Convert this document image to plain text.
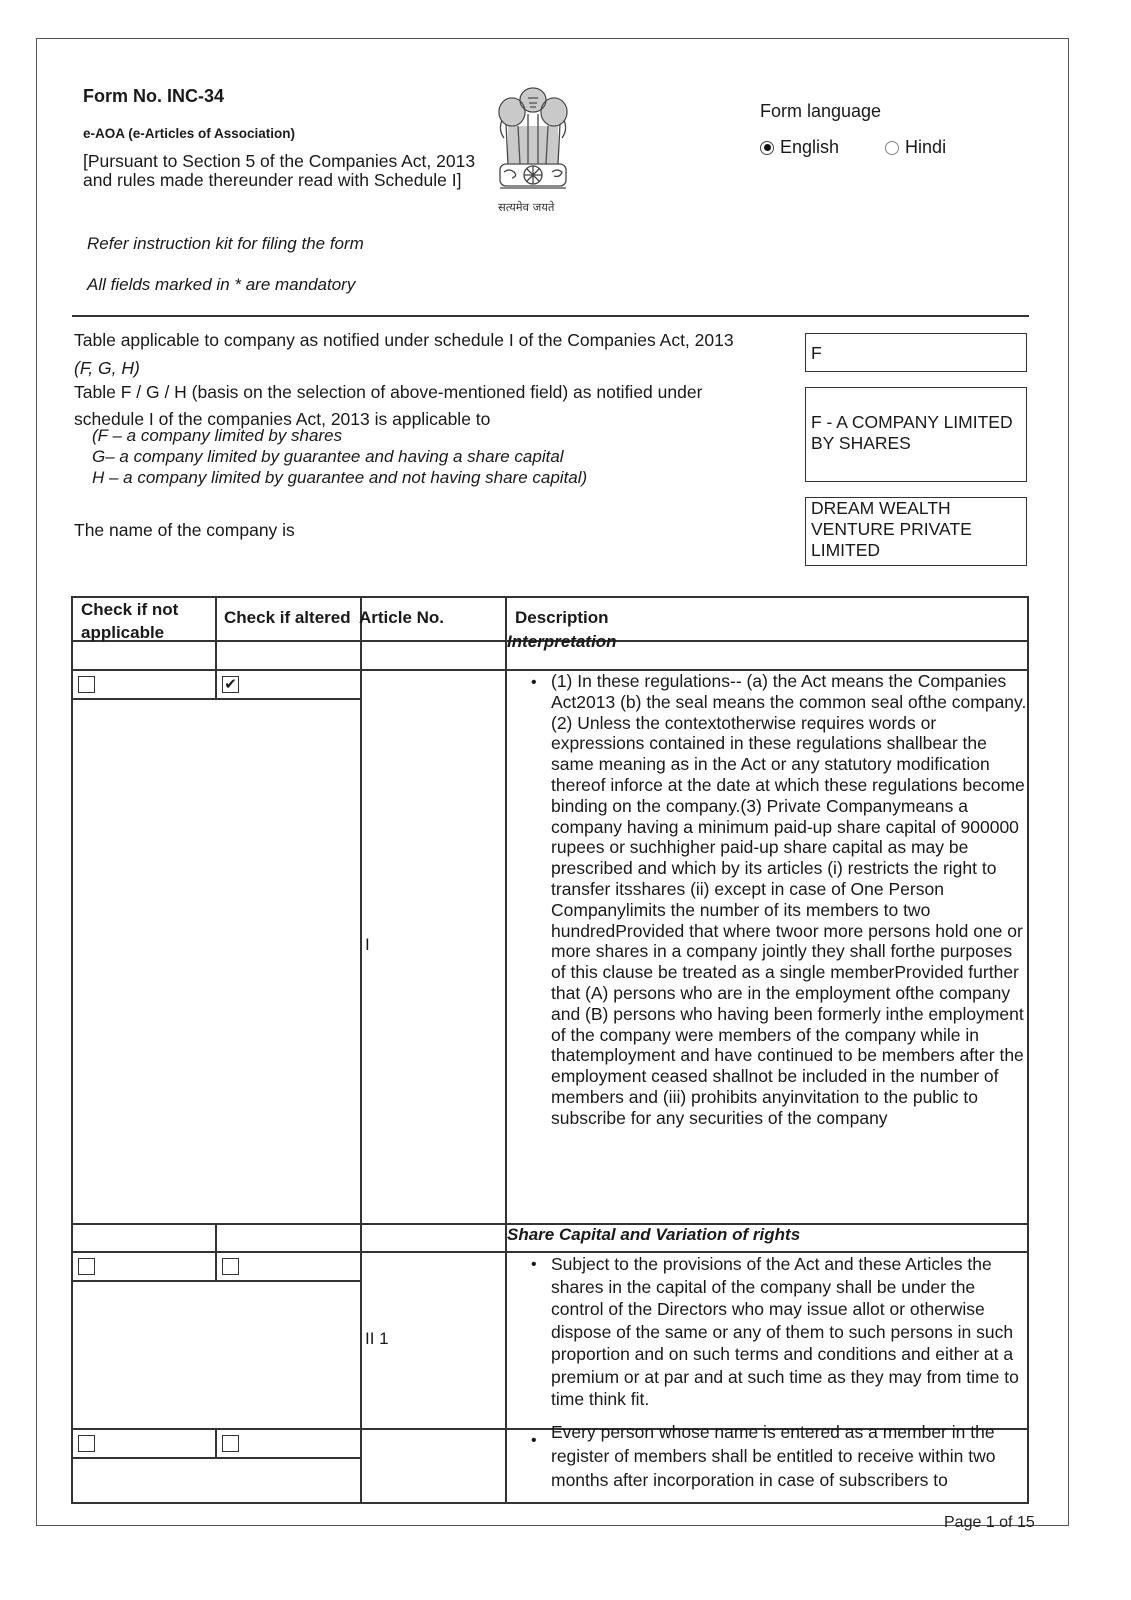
Form No. INC-34
e-AOA (e-Articles of Association)
[Pursuant to Section 5 of the Companies Act, 2013 and rules made thereunder read with Schedule I]
Refer instruction kit for filing the form
All fields marked in * are mandatory
सत्यमेव जयते
Form language
English	Hindi
Table applicable to company as notified under schedule I of the Companies Act, 2013
(F, G, H)
F
Table F / G / H (basis on the selection of above-mentioned field) as notified under
schedule I of the companies Act, 2013 is applicable to
(F – a company limited by shares
G– a company limited by guarantee and having a share capital
H – a company limited by guarantee and not having share capital)
F - A COMPANY LIMITED BY SHARES
The name of the company is
DREAM WEALTH VENTURE PRIVATE LIMITED
Check if not applicable
Check if altered Article No.	Description
Interpretation
✔
I
• (1) In these regulations-- (a) the Act means the Companies Act2013 (b) the seal means the common seal ofthe company.(2) Unless the contextotherwise requires words or expressions contained in these regulations shallbear the same meaning as in the Act or any statutory modification thereof inforce at the date at which these regulations become binding on the company.(3) Private Companymeans a company having a minimum paid-up share capital of 900000 rupees or suchhigher paid-up share capital as may be prescribed and which by its articles (i) restricts the right to transfer itsshares (ii) except in case of One Person Companylimits the number of its members to two hundredProvided that where twoor more persons hold one or more shares in a company jointly they shall forthe purposes of this clause be treated as a single memberProvided further that (A) persons who are in the employment ofthe company and (B) persons who having been formerly inthe employment of the company were members of the company while in thatemployment and have continued to be members after the employment ceased shallnot be included in the number of members and (iii) prohibits anyinvitation to the public to subscribe for any securities of the company
Share Capital and Variation of rights
II 1
• Subject to the provisions of the Act and these Articles the shares in the capital of the company shall be under the control of the Directors who may issue allot or otherwise dispose of the same or any of them to such persons in such proportion and on such terms and conditions and either at a premium or at par and at such time as they may from time to time think fit.
• Every person whose name is entered as a member in the register of members shall be entitled to receive within two months after incorporation in case of subscribers to
Page 1 of 15
